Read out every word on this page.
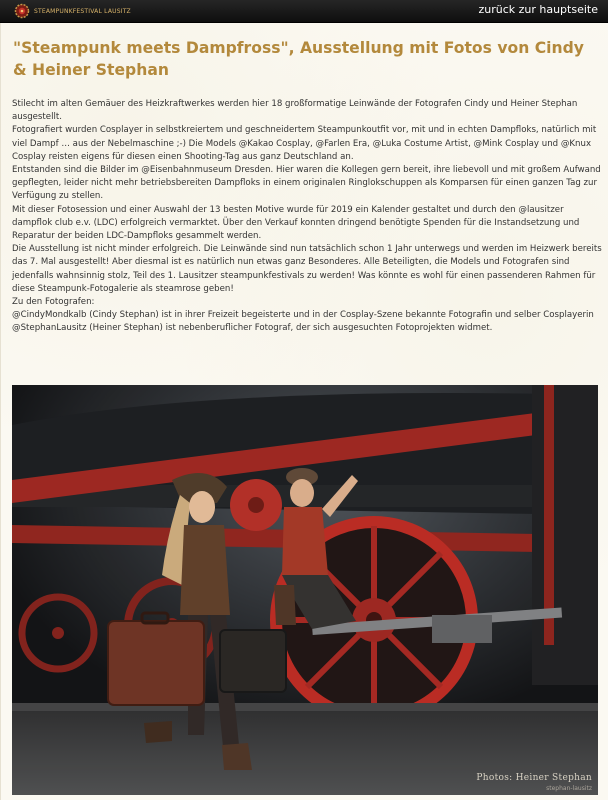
STEAMPUNKFESTIVAL LAUSITZ	zurück zur hauptseite
"Steampunk meets Dampfross", Ausstellung mit Fotos von Cindy & Heiner Stephan

Stilecht im alten Gemäuer des Heizkraftwerkes werden hier 18 großformatige Leinwände der Fotografen Cindy und Heiner Stephan ausgestellt.

Fotografiert wurden Cosplayer in selbstkreiertem und geschneidertem Steampunkoutfit vor, mit und in echten Dampfloks, natürlich mit viel Dampf … aus der Nebelmaschine ;-) Die Models @Kakao Cosplay, @Farlen Era, @Luka Costume Artist, @Mink Cosplay und @Knux Cosplay reisten eigens für diesen einen Shooting-Tag aus ganz Deutschland an.

Entstanden sind die Bilder im @Eisenbahnmuseum Dresden. Hier waren die Kollegen gern bereit, ihre liebevoll und mit großem Aufwand gepflegten, leider nicht mehr betriebsbereiten Dampfloks in einem originalen Ringlokschuppen als Komparsen für einen ganzen Tag zur Verfügung zu stellen.

Mit dieser Fotosession und einer Auswahl der 13 besten Motive wurde für 2019 ein Kalender gestaltet und durch den @lausitzer dampflok club e.v. (LDC) erfolgreich vermarktet. Über den Verkauf konnten dringend benötigte Spenden für die Instandsetzung und Reparatur der beiden LDC-Dampfloks gesammelt werden.

Die Ausstellung ist nicht minder erfolgreich. Die Leinwände sind nun tatsächlich schon 1 Jahr unterwegs und werden im Heizwerk bereits das 7. Mal ausgestellt! Aber diesmal ist es natürlich nun etwas ganz Besonderes. Alle Beteiligten, die Models und Fotografen sind jedenfalls wahnsinnig stolz, Teil des 1. Lausitzer steampunkfestivals zu werden! Was könnte es wohl für einen passenderen Rahmen für diese Steampunk-Fotogalerie als steamrose geben!

Zu den Fotografen:

@CindyMondkalb (Cindy Stephan) ist in ihrer Freizeit begeisterte und in der Cosplay-Szene bekannte Fotografin und selber Cosplayerin @StephanLausitz (Heiner Stephan) ist nebenberuflicher Fotograf, der sich ausgesuchten Fotoprojekten widmet.

Photos: Heiner Stephan
stephan-lausitz
